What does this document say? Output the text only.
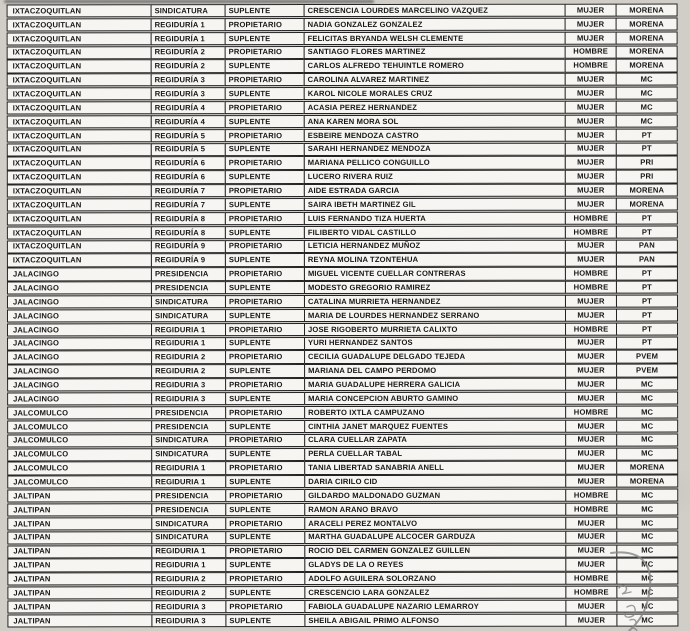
IXTACZOQUITLAN	SINDICATURA	SUPLENTE	CRESCENCIA LOURDES MARCELINO VAZQUEZ	MUJER	MORENA
IXTACZOQUITLAN	REGIDURÍA 1	PROPIETARIO	NADIA GONZALEZ GONZALEZ	MUJER	MORENA
IXTACZOQUITLAN	REGIDURÍA 1	SUPLENTE	FELICITAS BRYANDA WELSH CLEMENTE	MUJER	MORENA
IXTACZOQUITLAN	REGIDURÍA 2	PROPIETARIO	SANTIAGO FLORES MARTINEZ	HOMBRE	MORENA
IXTACZOQUITLAN	REGIDURÍA 2	SUPLENTE	CARLOS ALFREDO TEHUINTLE ROMERO	HOMBRE	MORENA
IXTACZOQUITLAN	REGIDURÍA 3	PROPIETARIO	CAROLINA ALVAREZ MARTINEZ	MUJER	MC
IXTACZOQUITLAN	REGIDURÍA 3	SUPLENTE	KAROL NICOLE MORALES CRUZ	MUJER	MC
IXTACZOQUITLAN	REGIDURÍA 4	PROPIETARIO	ACASIA PEREZ HERNANDEZ	MUJER	MC
IXTACZOQUITLAN	REGIDURÍA 4	SUPLENTE	ANA KAREN MORA SOL	MUJER	MC
IXTACZOQUITLAN	REGIDURÍA 5	PROPIETARIO	ESBEIRE MENDOZA CASTRO	MUJER	PT
IXTACZOQUITLAN	REGIDURÍA 5	SUPLENTE	SARAHI HERNANDEZ MENDOZA	MUJER	PT
IXTACZOQUITLAN	REGIDURÍA 6	PROPIETARIO	MARIANA PELLICO CONGUILLO	MUJER	PRI
IXTACZOQUITLAN	REGIDURÍA 6	SUPLENTE	LUCERO RIVERA RUIZ	MUJER	PRI
IXTACZOQUITLAN	REGIDURÍA 7	PROPIETARIO	AIDE ESTRADA GARCIA	MUJER	MORENA
IXTACZOQUITLAN	REGIDURÍA 7	SUPLENTE	SAIRA IBETH MARTINEZ GIL	MUJER	MORENA
IXTACZOQUITLAN	REGIDURÍA 8	PROPIETARIO	LUIS FERNANDO TIZA HUERTA	HOMBRE	PT
IXTACZOQUITLAN	REGIDURÍA 8	SUPLENTE	FILIBERTO VIDAL CASTILLO	HOMBRE	PT
IXTACZOQUITLAN	REGIDURÍA 9	PROPIETARIO	LETICIA HERNANDEZ MUÑOZ	MUJER	PAN
IXTACZOQUITLAN	REGIDURÍA 9	SUPLENTE	REYNA MOLINA TZONTEHUA	MUJER	PAN
JALACINGO	PRESIDENCIA	PROPIETARIO	MIGUEL VICENTE CUELLAR CONTRERAS	HOMBRE	PT
JALACINGO	PRESIDENCIA	SUPLENTE	MODESTO GREGORIO RAMIREZ	HOMBRE	PT
JALACINGO	SINDICATURA	PROPIETARIO	CATALINA MURRIETA HERNANDEZ	MUJER	PT
JALACINGO	SINDICATURA	SUPLENTE	MARIA DE LOURDES HERNANDEZ SERRANO	MUJER	PT
JALACINGO	REGIDURIA 1	PROPIETARIO	JOSE RIGOBERTO MURRIETA CALIXTO	HOMBRE	PT
JALACINGO	REGIDURIA 1	SUPLENTE	YURI HERNANDEZ SANTOS	MUJER	PT
JALACINGO	REGIDURIA 2	PROPIETARIO	CECILIA GUADALUPE DELGADO TEJEDA	MUJER	PVEM
JALACINGO	REGIDURIA 2	SUPLENTE	MARIANA DEL CAMPO PERDOMO	MUJER	PVEM
JALACINGO	REGIDURIA 3	PROPIETARIO	MARIA GUADALUPE HERRERA GALICIA	MUJER	MC
JALACINGO	REGIDURIA 3	SUPLENTE	MARIA CONCEPCION ABURTO GAMINO	MUJER	MC
JALCOMULCO	PRESIDENCIA	PROPIETARIO	ROBERTO IXTLA CAMPUZANO	HOMBRE	MC
JALCOMULCO	PRESIDENCIA	SUPLENTE	CINTHIA JANET MARQUEZ FUENTES	MUJER	MC
JALCOMULCO	SINDICATURA	PROPIETARIO	CLARA CUELLAR ZAPATA	MUJER	MC
JALCOMULCO	SINDICATURA	SUPLENTE	PERLA CUELLAR TABAL	MUJER	MC
JALCOMULCO	REGIDURIA 1	PROPIETARIO	TANIA LIBERTAD SANABRIA ANELL	MUJER	MORENA
JALCOMULCO	REGIDURIA 1	SUPLENTE	DARIA CIRILO CID	MUJER	MORENA
JALTIPAN	PRESIDENCIA	PROPIETARIO	GILDARDO MALDONADO GUZMAN	HOMBRE	MC
JALTIPAN	PRESIDENCIA	SUPLENTE	RAMON ARANO BRAVO	HOMBRE	MC
JALTIPAN	SINDICATURA	PROPIETARIO	ARACELI PEREZ MONTALVO	MUJER	MC
JALTIPAN	SINDICATURA	SUPLENTE	MARTHA GUADALUPE ALCOCER GARDUZA	MUJER	MC
JALTIPAN	REGIDURIA 1	PROPIETARIO	ROCIO DEL CARMEN GONZALEZ GUILLEN	MUJER	MC
JALTIPAN	REGIDURIA 1	SUPLENTE	GLADYS DE LA O REYES	MUJER	MC
JALTIPAN	REGIDURIA 2	PROPIETARIO	ADOLFO AGUILERA SOLORZANO	HOMBRE	MC
JALTIPAN	REGIDURIA 2	SUPLENTE	CRESCENCIO LARA GONZALEZ	HOMBRE	MC
JALTIPAN	REGIDURIA 3	PROPIETARIO	FABIOLA GUADALUPE NAZARIO LEMARROY	MUJER	MC
JALTIPAN	REGIDURIA 3	SUPLENTE	SHEILA ABIGAIL PRIMO ALFONSO	MUJER	MC
